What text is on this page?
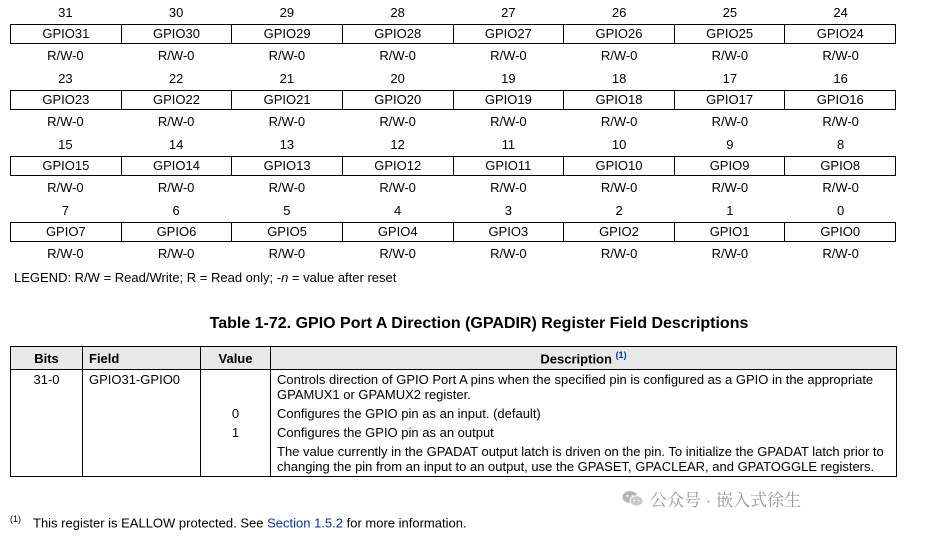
31	30	29	28	27	26	25	24
GPIO31	GPIO30	GPIO29	GPIO28	GPIO27	GPIO26	GPIO25	GPIO24
R/W-0	R/W-0	R/W-0	R/W-0	R/W-0	R/W-0	R/W-0	R/W-0
23	22	21	20	19	18	17	16
GPIO23	GPIO22	GPIO21	GPIO20	GPIO19	GPIO18	GPIO17	GPIO16
R/W-0	R/W-0	R/W-0	R/W-0	R/W-0	R/W-0	R/W-0	R/W-0
15	14	13	12	11	10	9	8
GPIO15	GPIO14	GPIO13	GPIO12	GPIO11	GPIO10	GPIO9	GPIO8
R/W-0	R/W-0	R/W-0	R/W-0	R/W-0	R/W-0	R/W-0	R/W-0
7	6	5	4	3	2	1	0
GPIO7	GPIO6	GPIO5	GPIO4	GPIO3	GPIO2	GPIO1	GPIO0
R/W-0	R/W-0	R/W-0	R/W-0	R/W-0	R/W-0	R/W-0	R/W-0
LEGEND: R/W = Read/Write; R = Read only; -n = value after reset
Table 1-72. GPIO Port A Direction (GPADIR) Register Field Descriptions
Bits	Field	Value	Description $^{(1)}$
31-0	GPIO31-GPIO0		Controls direction of GPIO Port A pins when the specified pin is configured as a GPIO in the appropriate GPAMUX1 or GPAMUX2 register.
		0	Configures the GPIO pin as an input. (default)
		1	Configures the GPIO pin as an output
			The value currently in the GPADAT output latch is driven on the pin. To initialize the GPADAT latch prior to changing the pin from an input to an output, use the GPASET, GPACLEAR, and GPATOGGLE registers.
$^{(1)}$ This register is EALLOW protected. See Section 1.5.2 for more information.
公众号 · 嵌入式徐生
